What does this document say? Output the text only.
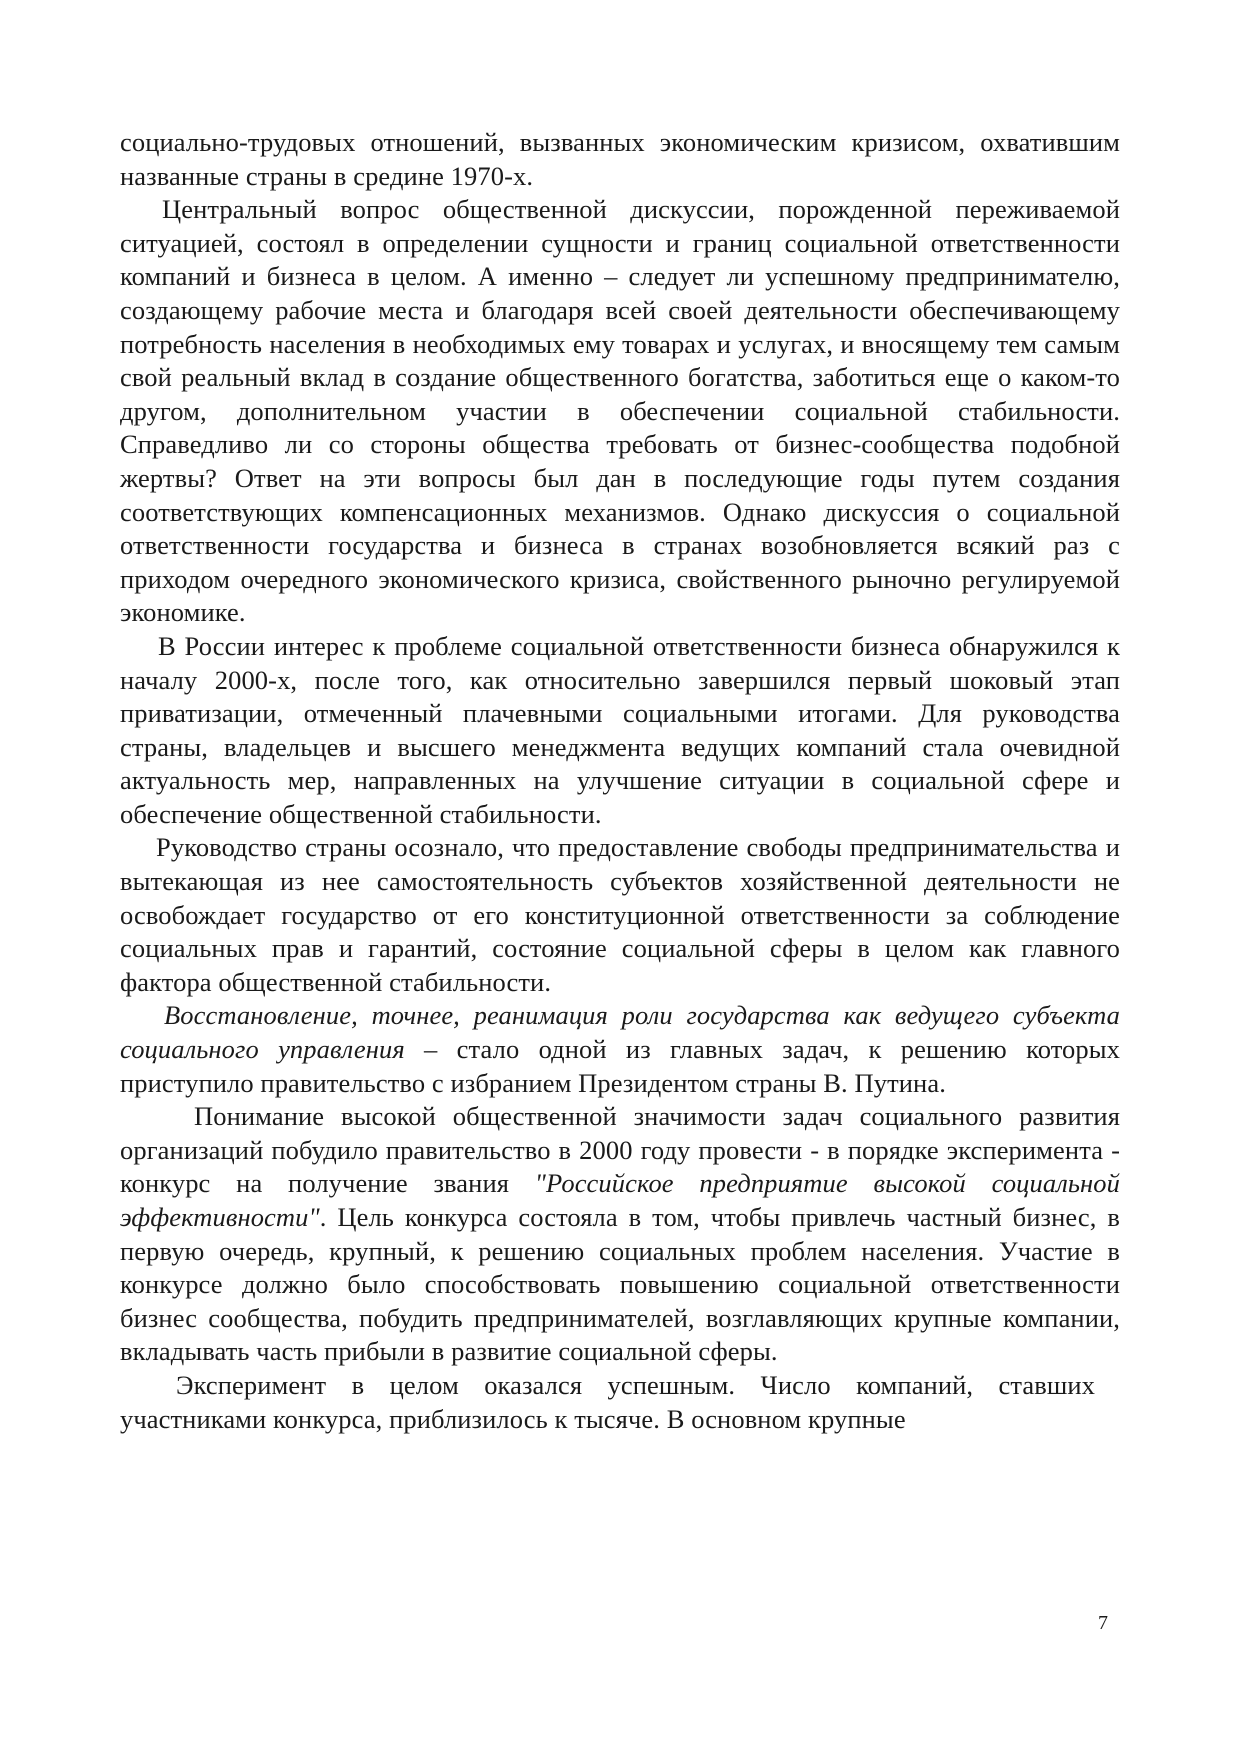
социально-трудовых отношений, вызванных экономическим кризисом, охватившим названные страны в средине 1970-х.

Центральный вопрос общественной дискуссии, порожденной переживаемой ситуацией, состоял в определении сущности и границ социальной ответственности компаний и бизнеса в целом. А именно – следует ли успешному предпринимателю, создающему рабочие места и благодаря всей своей деятельности обеспечивающему потребность населения в необходимых ему товарах и услугах, и вносящему тем самым свой реальный вклад в создание общественного богатства, заботиться еще о каком-то другом, дополнительном участии в обеспечении социальной стабильности. Справедливо ли со стороны общества требовать от бизнес-сообщества подобной жертвы? Ответ на эти вопросы был дан в последующие годы путем создания соответствующих компенсационных механизмов. Однако дискуссия о социальной ответственности государства и бизнеса в странах возобновляется всякий раз с приходом очередного экономического кризиса, свойственного рыночно регулируемой экономике.

В России интерес к проблеме социальной ответственности бизнеса обнаружился к началу 2000-х, после того, как относительно завершился первый шоковый этап приватизации, отмеченный плачевными социальными итогами. Для руководства страны, владельцев и высшего менеджмента ведущих компаний стала очевидной актуальность мер, направленных на улучшение ситуации в социальной сфере и обеспечение общественной стабильности.

Руководство страны осознало, что предоставление свободы предпринимательства и вытекающая из нее самостоятельность субъектов хозяйственной деятельности не освобождает государство от его конституционной ответственности за соблюдение социальных прав и гарантий, состояние социальной сферы в целом как главного фактора общественной стабильности.

Восстановление, точнее, реанимация роли государства как ведущего субъекта социального управления – стало одной из главных задач, к решению которых приступило правительство с избранием Президентом страны В. Путина.

Понимание высокой общественной значимости задач социального развития организаций побудило правительство в 2000 году провести - в порядке эксперимента - конкурс на получение звания "Российское предприятие высокой социальной эффективности". Цель конкурса состояла в том, чтобы привлечь частный бизнес, в первую очередь, крупный, к решению социальных проблем населения. Участие в конкурсе должно было способствовать повышению социальной ответственности бизнес сообщества, побудить предпринимателей, возглавляющих крупные компании, вкладывать часть прибыли в развитие социальной сферы.

Эксперимент в целом оказался успешным. Число компаний, ставших участниками конкурса, приблизилось к тысяче. В основном крупные

7
